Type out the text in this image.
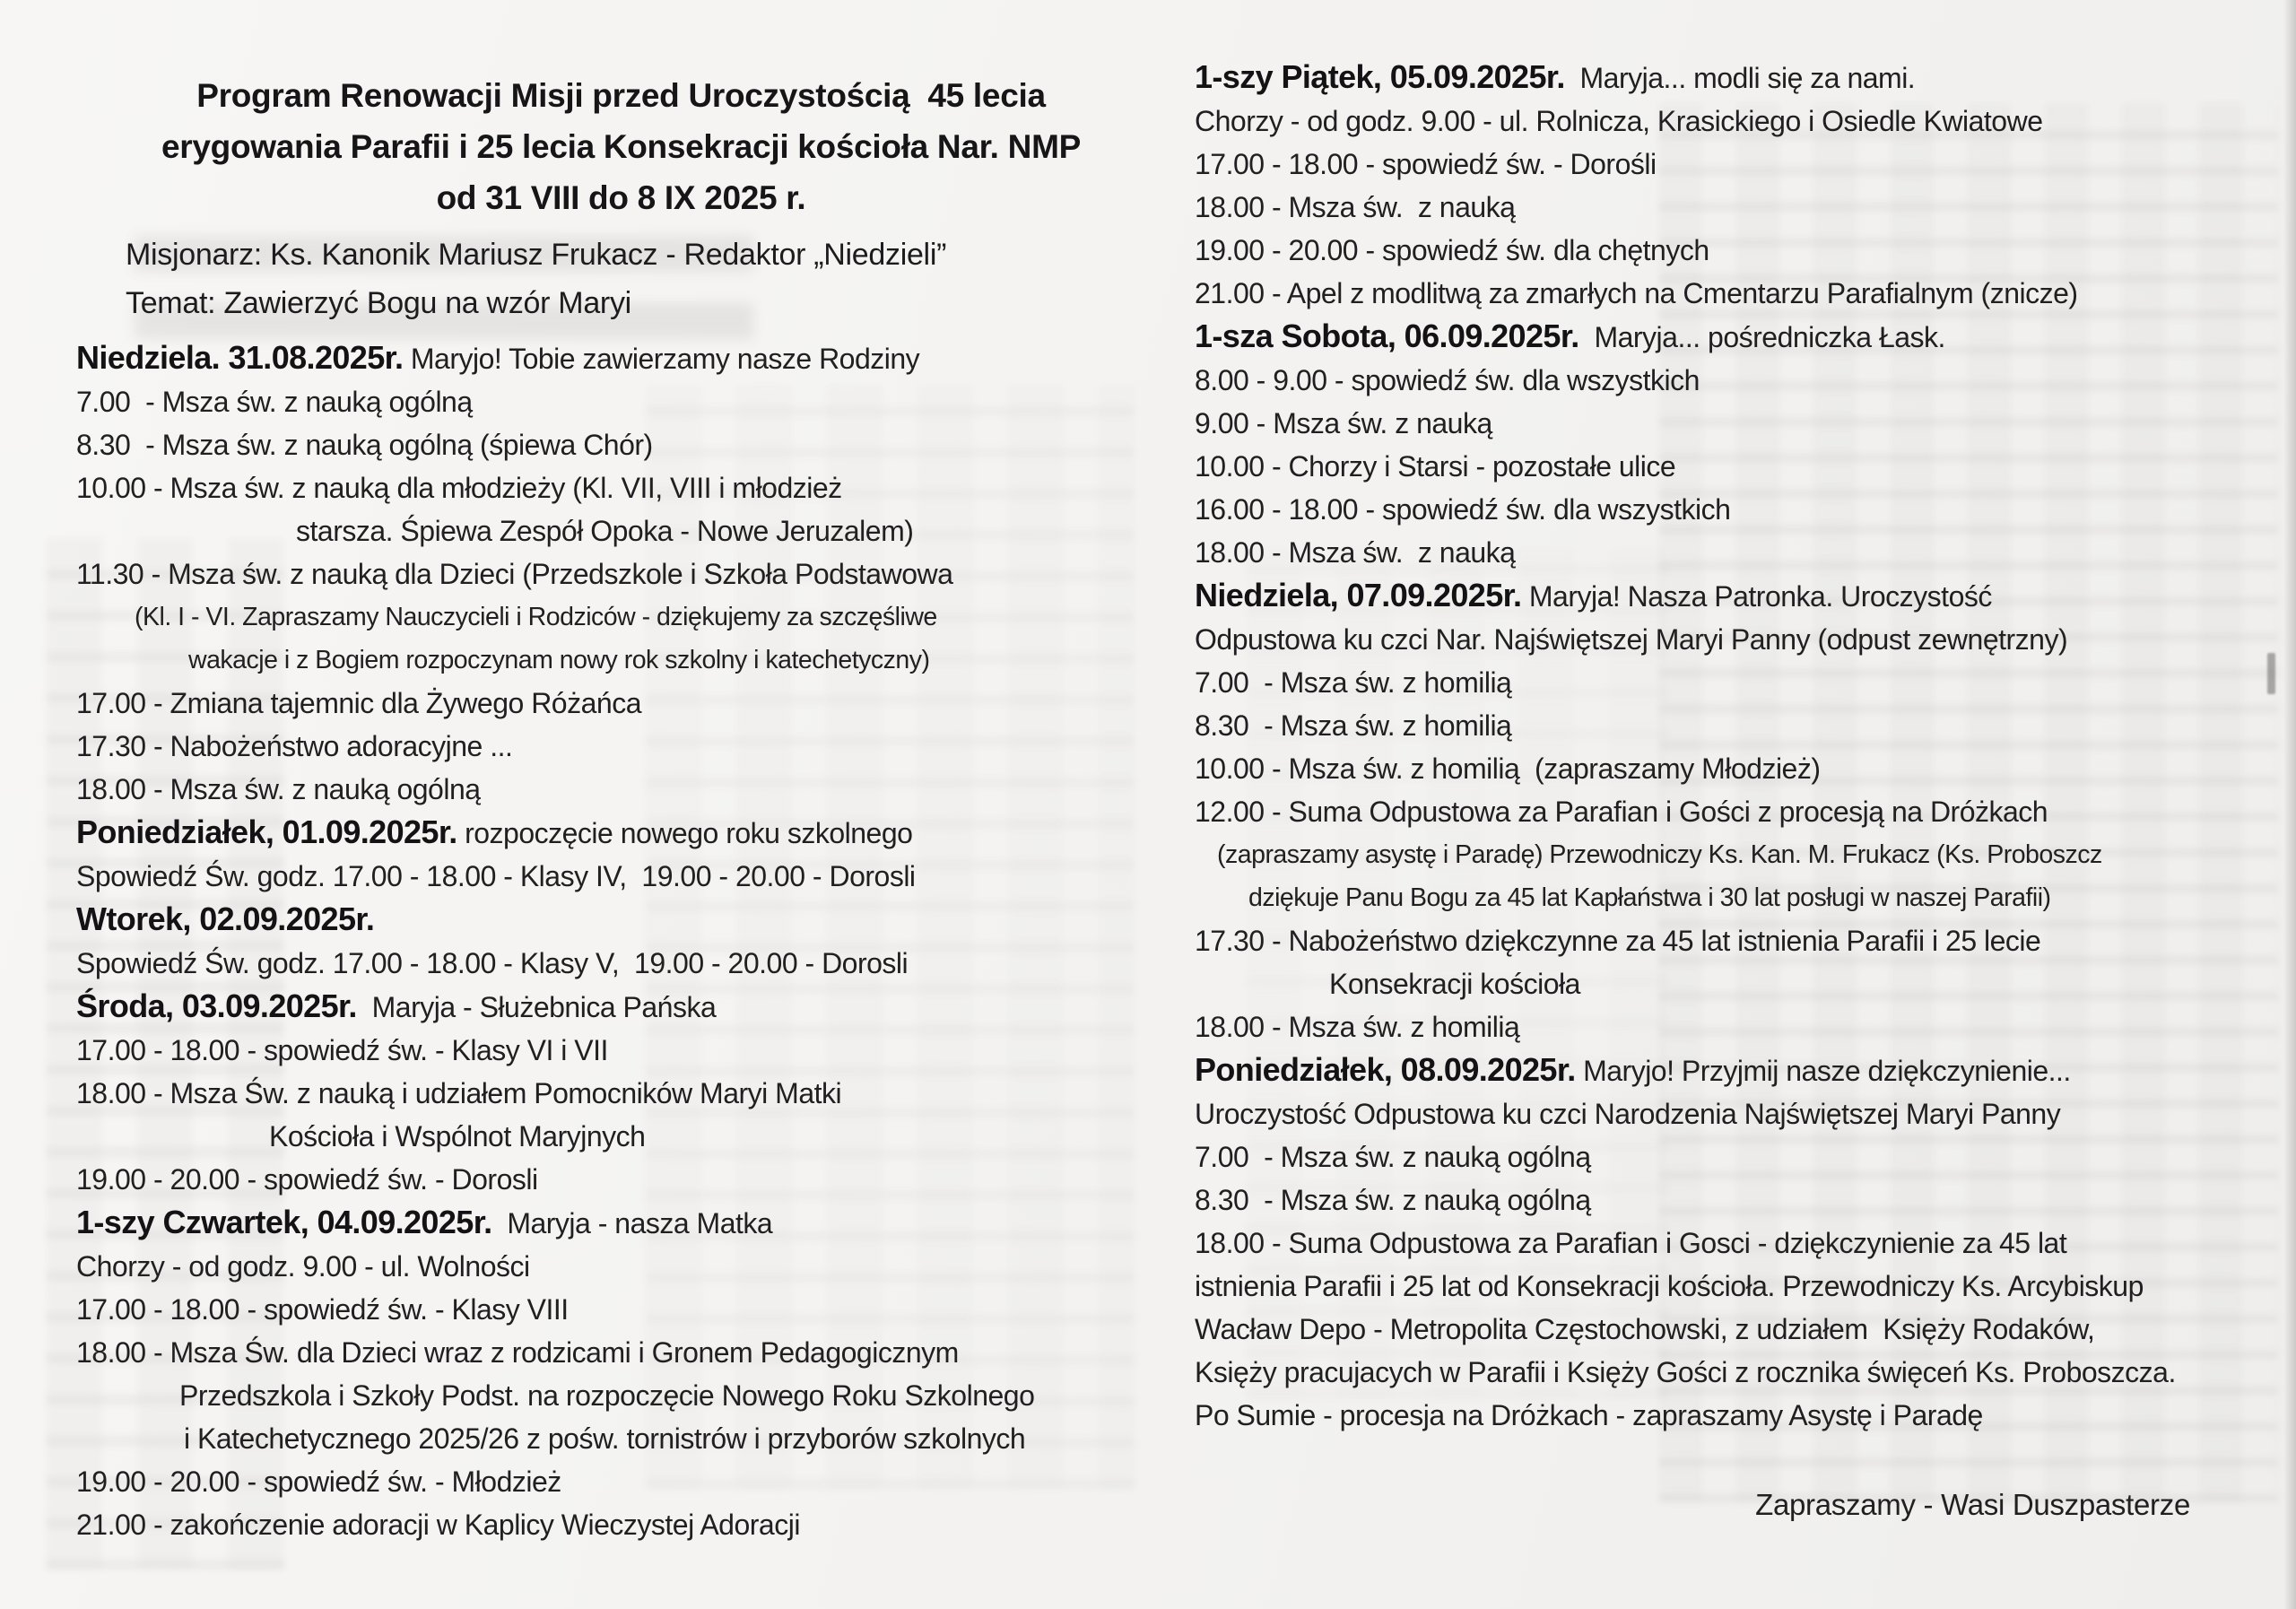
Program Renowacji Misji przed Uroczystością  45 lecia
erygowania Parafii i 25 lecia Konsekracji kościoła Nar. NMP
od 31 VIII do 8 IX 2025 r.
Misjonarz: Ks. Kanonik Mariusz Frukacz - Redaktor „Niedzieli”
Temat: Zawierzyć Bogu na wzór Maryi
Niedziela. 31.08.2025r. Maryjo! Tobie zawierzamy nasze Rodziny
7.00  - Msza św. z nauką ogólną
8.30  - Msza św. z nauką ogólną (śpiewa Chór)
10.00 - Msza św. z nauką dla młodzieży (Kl. VII, VIII i młodzież
starsza. Śpiewa Zespół Opoka - Nowe Jeruzalem)
11.30 - Msza św. z nauką dla Dzieci (Przedszkole i Szkoła Podstawowa
(Kl. I - VI. Zapraszamy Nauczycieli i Rodziców - dziękujemy za szczęśliwe
wakacje i z Bogiem rozpoczynam nowy rok szkolny i katechetyczny)
17.00 - Zmiana tajemnic dla Żywego Różańca
17.30 - Nabożeństwo adoracyjne ...
18.00 - Msza św. z nauką ogólną
Poniedziałek, 01.09.2025r. rozpoczęcie nowego roku szkolnego
Spowiedź Św. godz. 17.00 - 18.00 - Klasy IV,  19.00 - 20.00 - Dorosli
Wtorek, 02.09.2025r.
Spowiedź Św. godz. 17.00 - 18.00 - Klasy V,  19.00 - 20.00 - Dorosli
Środa, 03.09.2025r.  Maryja - Służebnica Pańska
17.00 - 18.00 - spowiedź św. - Klasy VI i VII
18.00 - Msza Św. z nauką i udziałem Pomocników Maryi Matki
Kościoła i Wspólnot Maryjnych
19.00 - 20.00 - spowiedź św. - Dorosli
1-szy Czwartek, 04.09.2025r.  Maryja - nasza Matka
Chorzy - od godz. 9.00 - ul. Wolności
17.00 - 18.00 - spowiedź św. - Klasy VIII
18.00 - Msza Św. dla Dzieci wraz z rodzicami i Gronem Pedagogicznym
Przedszkola i Szkoły Podst. na rozpoczęcie Nowego Roku Szkolnego
i Katechetycznego 2025/26 z pośw. tornistrów i przyborów szkolnych
19.00 - 20.00 - spowiedź św. - Młodzież
21.00 - zakończenie adoracji w Kaplicy Wieczystej Adoracji
1-szy Piątek, 05.09.2025r.  Maryja... modli się za nami.
Chorzy - od godz. 9.00 - ul. Rolnicza, Krasickiego i Osiedle Kwiatowe
17.00 - 18.00 - spowiedź św. - Dorośli
18.00 - Msza św.  z nauką
19.00 - 20.00 - spowiedź św. dla chętnych
21.00 - Apel z modlitwą za zmarłych na Cmentarzu Parafialnym (znicze)
1-sza Sobota, 06.09.2025r.  Maryja... pośredniczka Łask.
8.00 - 9.00 - spowiedź św. dla wszystkich
9.00 - Msza św. z nauką
10.00 - Chorzy i Starsi - pozostałe ulice
16.00 - 18.00 - spowiedź św. dla wszystkich
18.00 - Msza św.  z nauką
Niedziela, 07.09.2025r. Maryja! Nasza Patronka. Uroczystość
Odpustowa ku czci Nar. Najświętszej Maryi Panny (odpust zewnętrzny)
7.00  - Msza św. z homilią
8.30  - Msza św. z homilią
10.00 - Msza św. z homilią  (zapraszamy Młodzież)
12.00 - Suma Odpustowa za Parafian i Gości z procesją na Dróżkach
(zapraszamy asystę i Paradę) Przewodniczy Ks. Kan. M. Frukacz (Ks. Proboszcz
dziękuje Panu Bogu za 45 lat Kapłaństwa i 30 lat posługi w naszej Parafii)
17.30 - Nabożeństwo dziękczynne za 45 lat istnienia Parafii i 25 lecie
Konsekracji kościoła
18.00 - Msza św. z homilią
Poniedziałek, 08.09.2025r. Maryjo! Przyjmij nasze dziękczynienie...
Uroczystość Odpustowa ku czci Narodzenia Najświętszej Maryi Panny
7.00  - Msza św. z nauką ogólną
8.30  - Msza św. z nauką ogólną
18.00 - Suma Odpustowa za Parafian i Gosci - dziękczynienie za 45 lat
istnienia Parafii i 25 lat od Konsekracji kościoła. Przewodniczy Ks. Arcybiskup
Wacław Depo - Metropolita Częstochowski, z udziałem  Księży Rodaków,
Księży pracujacych w Parafii i Księży Gości z rocznika święceń Ks. Proboszcza.
Po Sumie - procesja na Dróżkach - zapraszamy Asystę i Paradę
Zapraszamy - Wasi Duszpasterze
